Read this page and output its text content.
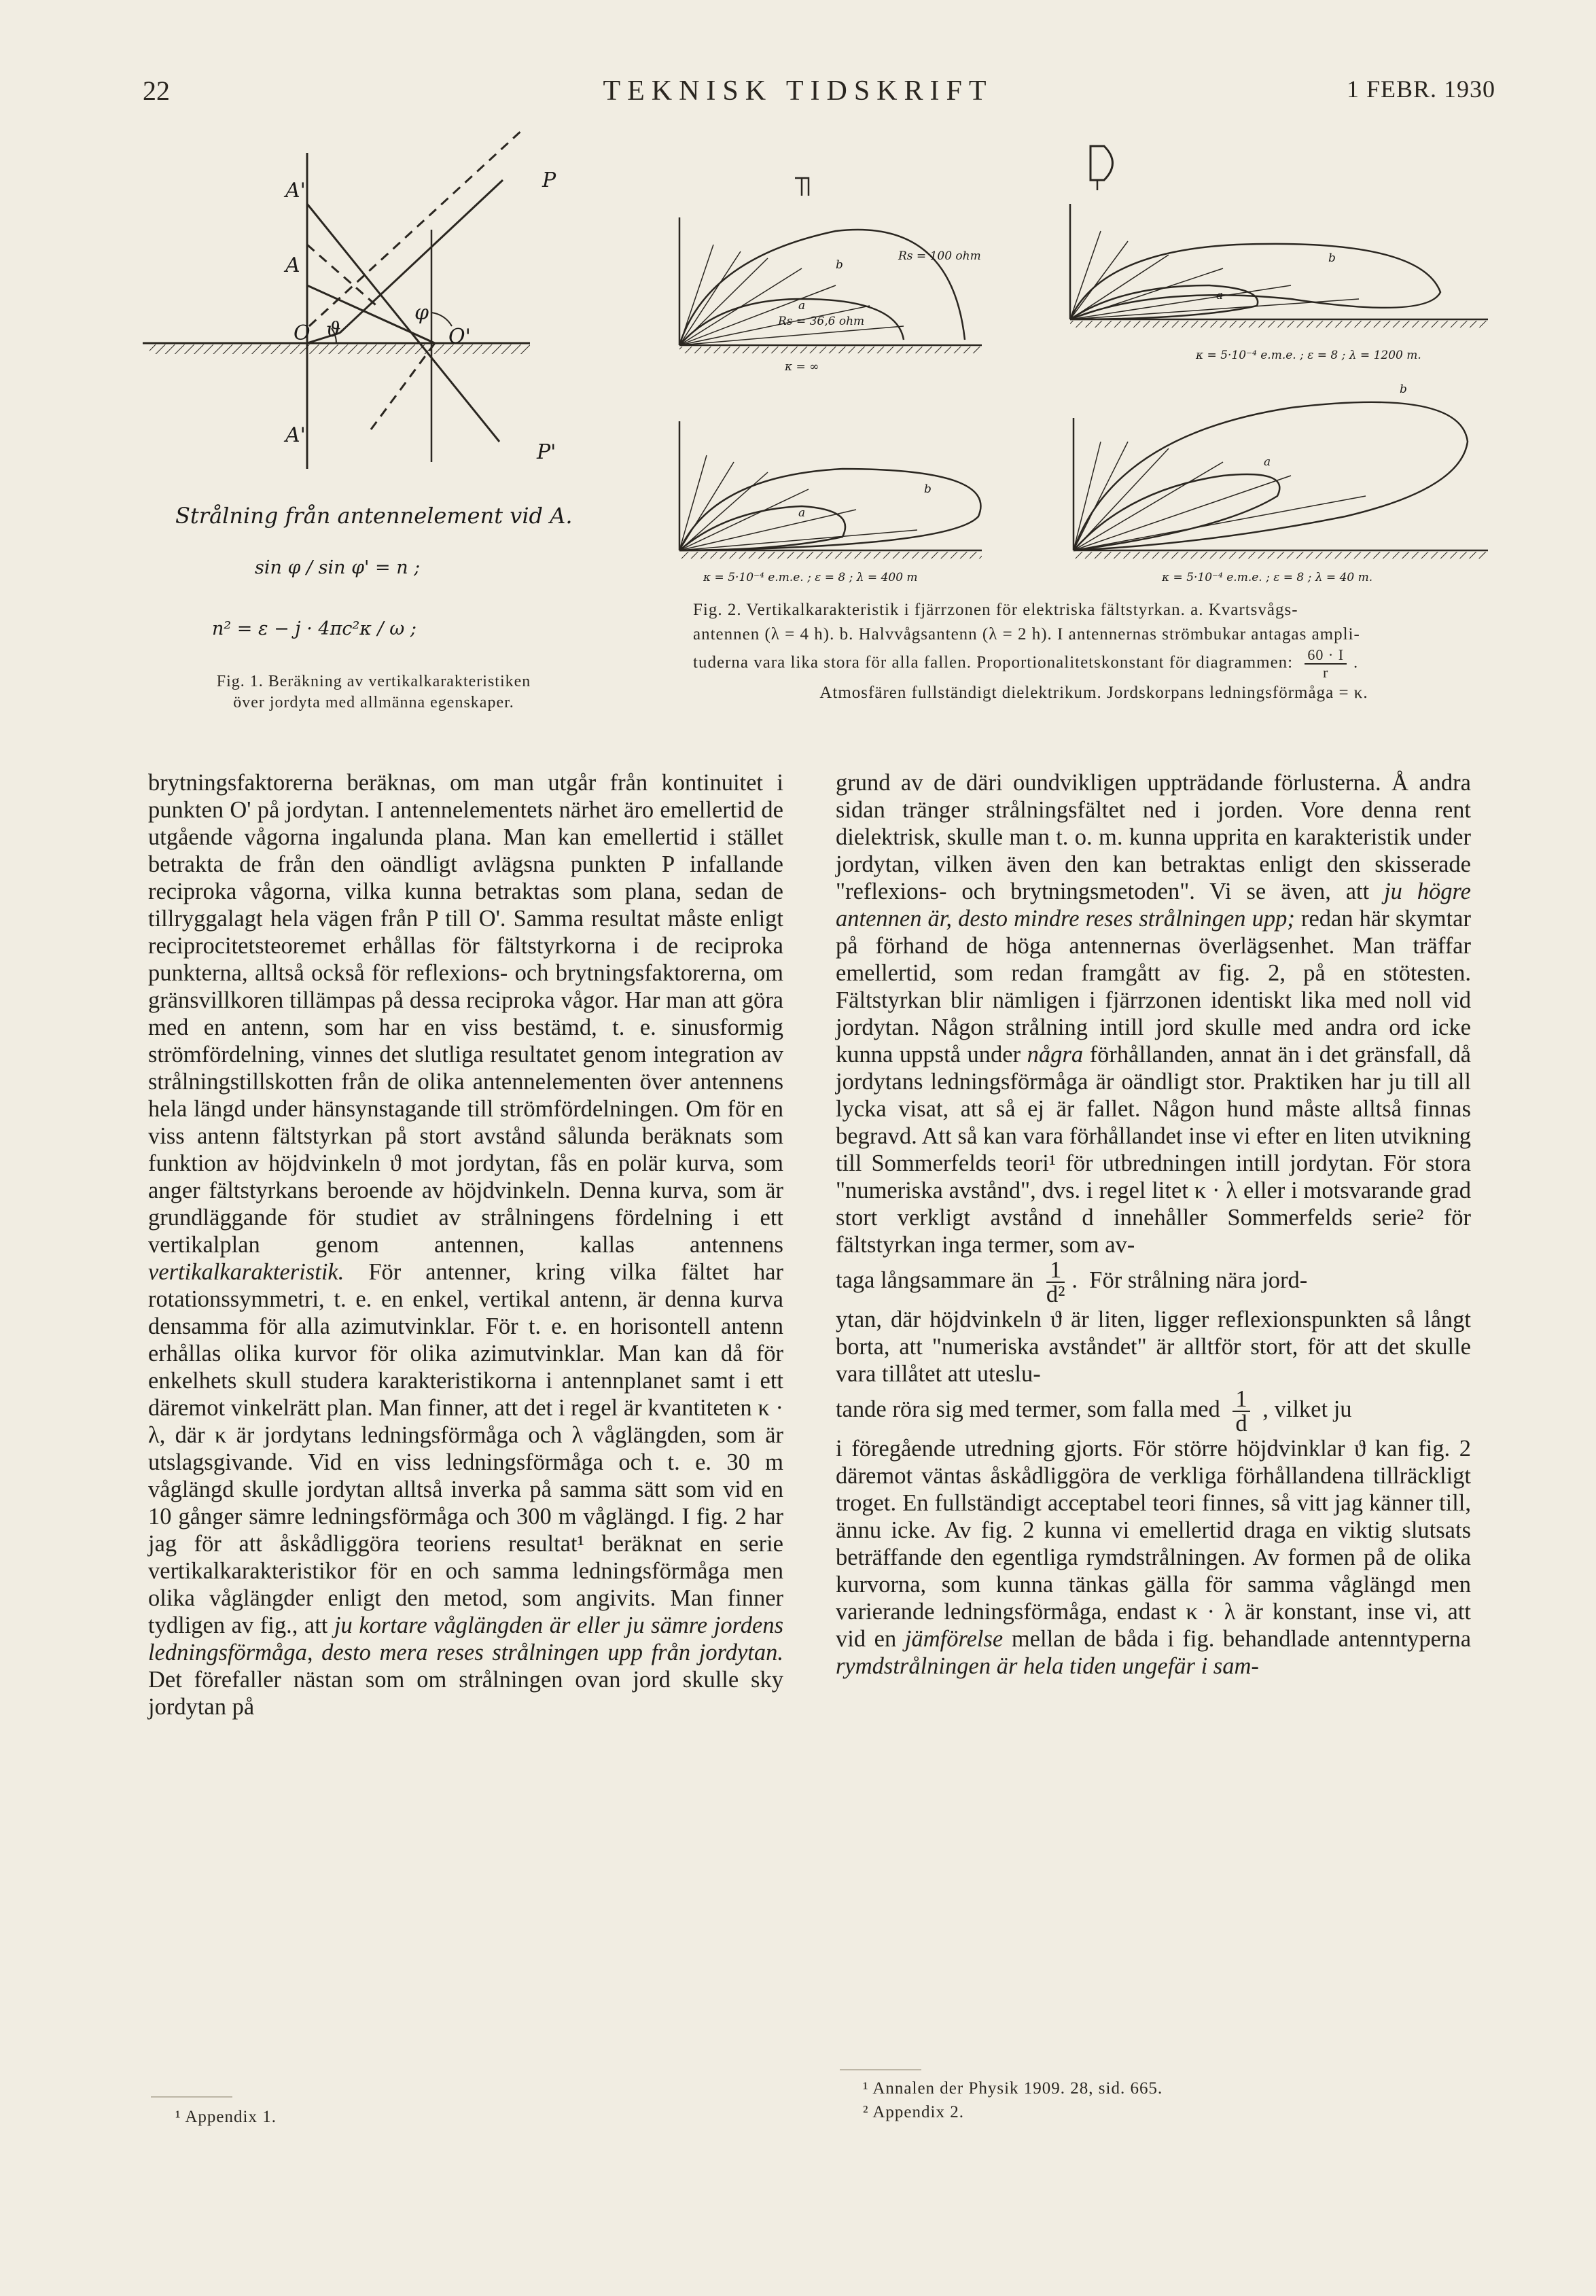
22	TEKNISK TIDSKRIFT	1 FEBR. 1930
A'
A
O	O'
ϑ
φ
P
P'
A'
Rs = 100 ohm
Rs = 36,6 ohm
b
a
κ = ∞
b
a
κ = 5·10⁻⁴ e.m.e. ; ε = 8 ; λ = 1200 m.
b
a
κ = 5·10⁻⁴ e.m.e. ; ε = 8 ; λ = 400 m
b
a
κ = 5·10⁻⁴ e.m.e. ; ε = 8 ; λ = 40 m.
Strålning från antennelement vid A.
sin φ / sin φ' = n ;
n² = ε − j · 4πc²κ / ω ;
Fig. 1. Beräkning av vertikalkarakteristiken
över jordyta med allmänna egenskaper.
Fig. 2. Vertikalkarakteristik i fjärrzonen för elektriska fältstyrkan. a. Kvartsvågs-
antennen (λ = 4 h). b. Halvvågsantenn (λ = 2 h). I antennernas strömbukar antagas ampli-
tuderna vara lika stora för alla fallen. Proportionalitetskonstant för diagrammen: $\frac{60 \cdot I}{r}$ .
Atmosfären fullständigt dielektrikum. Jordskorpans ledningsförmåga = κ.

brytningsfaktorerna beräknas, om man utgår från kontinuitet i punkten O' på jordytan. I antennelementets närhet äro emellertid de utgående vågorna ingalunda plana. Man kan emellertid i stället betrakta de från den oändligt avlägsna punkten P infallande reciproka vågorna, vilka kunna betraktas som plana, sedan de tillryggalagt hela vägen från P till O'. Samma resultat måste enligt reciprocitetsteoremet erhållas för fältstyrkorna i de reciproka punkterna, alltså också för reflexions- och brytningsfaktorerna, om gränsvillkoren tillämpas på dessa reciproka vågor. Har man att göra med en antenn, som har en viss bestämd, t. e. sinusformig strömfördelning, vinnes det slutliga resultatet genom integration av strålningstillskotten från de olika antennelementen över antennens hela längd under hänsynstagande till strömfördelningen. Om för en viss antenn fältstyrkan på stort avstånd sålunda beräknats som funktion av höjdvinkeln ϑ mot jordytan, fås en polär kurva, som anger fältstyrkans beroende av höjdvinkeln. Denna kurva, som är grundläggande för studiet av strålningens fördelning i ett vertikalplan genom antennen, kallas antennens vertikalkarakteristik. För antenner, kring vilka fältet har rotationssymmetri, t. e. en enkel, vertikal antenn, är denna kurva densamma för alla azimutvinklar. För t. e. en horisontell antenn erhållas olika kurvor för olika azimutvinklar. Man kan då för enkelhets skull studera karakteristikorna i antennplanet samt i ett däremot vinkelrätt plan. Man finner, att det i regel är kvantiteten κ · λ, där κ är jordytans ledningsförmåga och λ våglängden, som är utslagsgivande. Vid en viss ledningsförmåga och t. e. 30 m våglängd skulle jordytan alltså inverka på samma sätt som vid en 10 gånger sämre ledningsförmåga och 300 m våglängd. I fig. 2 har jag för att åskådliggöra teoriens resultat¹ beräknat en serie vertikalkarakteristikor för en och samma ledningsförmåga men olika våglängder enligt den metod, som angivits. Man finner tydligen av fig., att ju kortare våglängden är eller ju sämre jordens ledningsförmåga, desto mera reses strålningen upp från jordytan. Det förefaller nästan som om strålningen ovan jord skulle sky jordytan på

¹ Appendix 1.

grund av de däri oundvikligen uppträdande förlusterna. Å andra sidan tränger strålningsfältet ned i jorden. Vore denna rent dielektrisk, skulle man t. o. m. kunna upprita en karakteristik under jordytan, vilken även den kan betraktas enligt den skisserade "reflexions- och brytningsmetoden". Vi se även, att ju högre antennen är, desto mindre reses strålningen upp; redan här skymtar på förhand de höga antennernas överlägsenhet. Man träffar emellertid, som redan framgått av fig. 2, på en stötesten. Fältstyrkan blir nämligen i fjärrzonen identiskt lika med noll vid jordytan. Någon strålning intill jord skulle med andra ord icke kunna uppstå under några förhållanden, annat än i det gränsfall, då jordytans ledningsförmåga är oändligt stor. Praktiken har ju till all lycka visat, att så ej är fallet. Någon hund måste alltså finnas begravd. Att så kan vara förhållandet inse vi efter en liten utvikning till Sommerfelds teori¹ för utbredningen intill jordytan. För stora "numeriska avstånd", dvs. i regel litet κ · λ eller i motsvarande grad stort verkligt avstånd d innehåller Sommerfelds serie² för fältstyrkan inga termer, som av-

taga långsammare än $\frac{1}{\text{d²}}$ .  För strålning nära jord-

ytan, där höjdvinkeln ϑ är liten, ligger reflexionspunkten så långt borta, att "numeriska avståndet" är alltför stort, för att det skulle vara tillåtet att uteslu-

tande röra sig med termer, som falla med $\frac{1}{d}$ , vilket ju

i föregående utredning gjorts. För större höjdvinklar ϑ kan fig. 2 däremot väntas åskådliggöra de verkliga förhållandena tillräckligt troget. En fullständigt acceptabel teori finnes, så vitt jag känner till, ännu icke. Av fig. 2 kunna vi emellertid draga en viktig slutsats beträffande den egentliga rymdstrålningen. Av formen på de olika kurvorna, som kunna tänkas gälla för samma våglängd men varierande ledningsförmåga, endast κ · λ är konstant, inse vi, att vid en jämförelse mellan de båda i fig. behandlade antenntyperna rymdstrålningen är hela tiden ungefär i sam-

¹ Annalen der Physik 1909. 28, sid. 665.
² Appendix 2.
